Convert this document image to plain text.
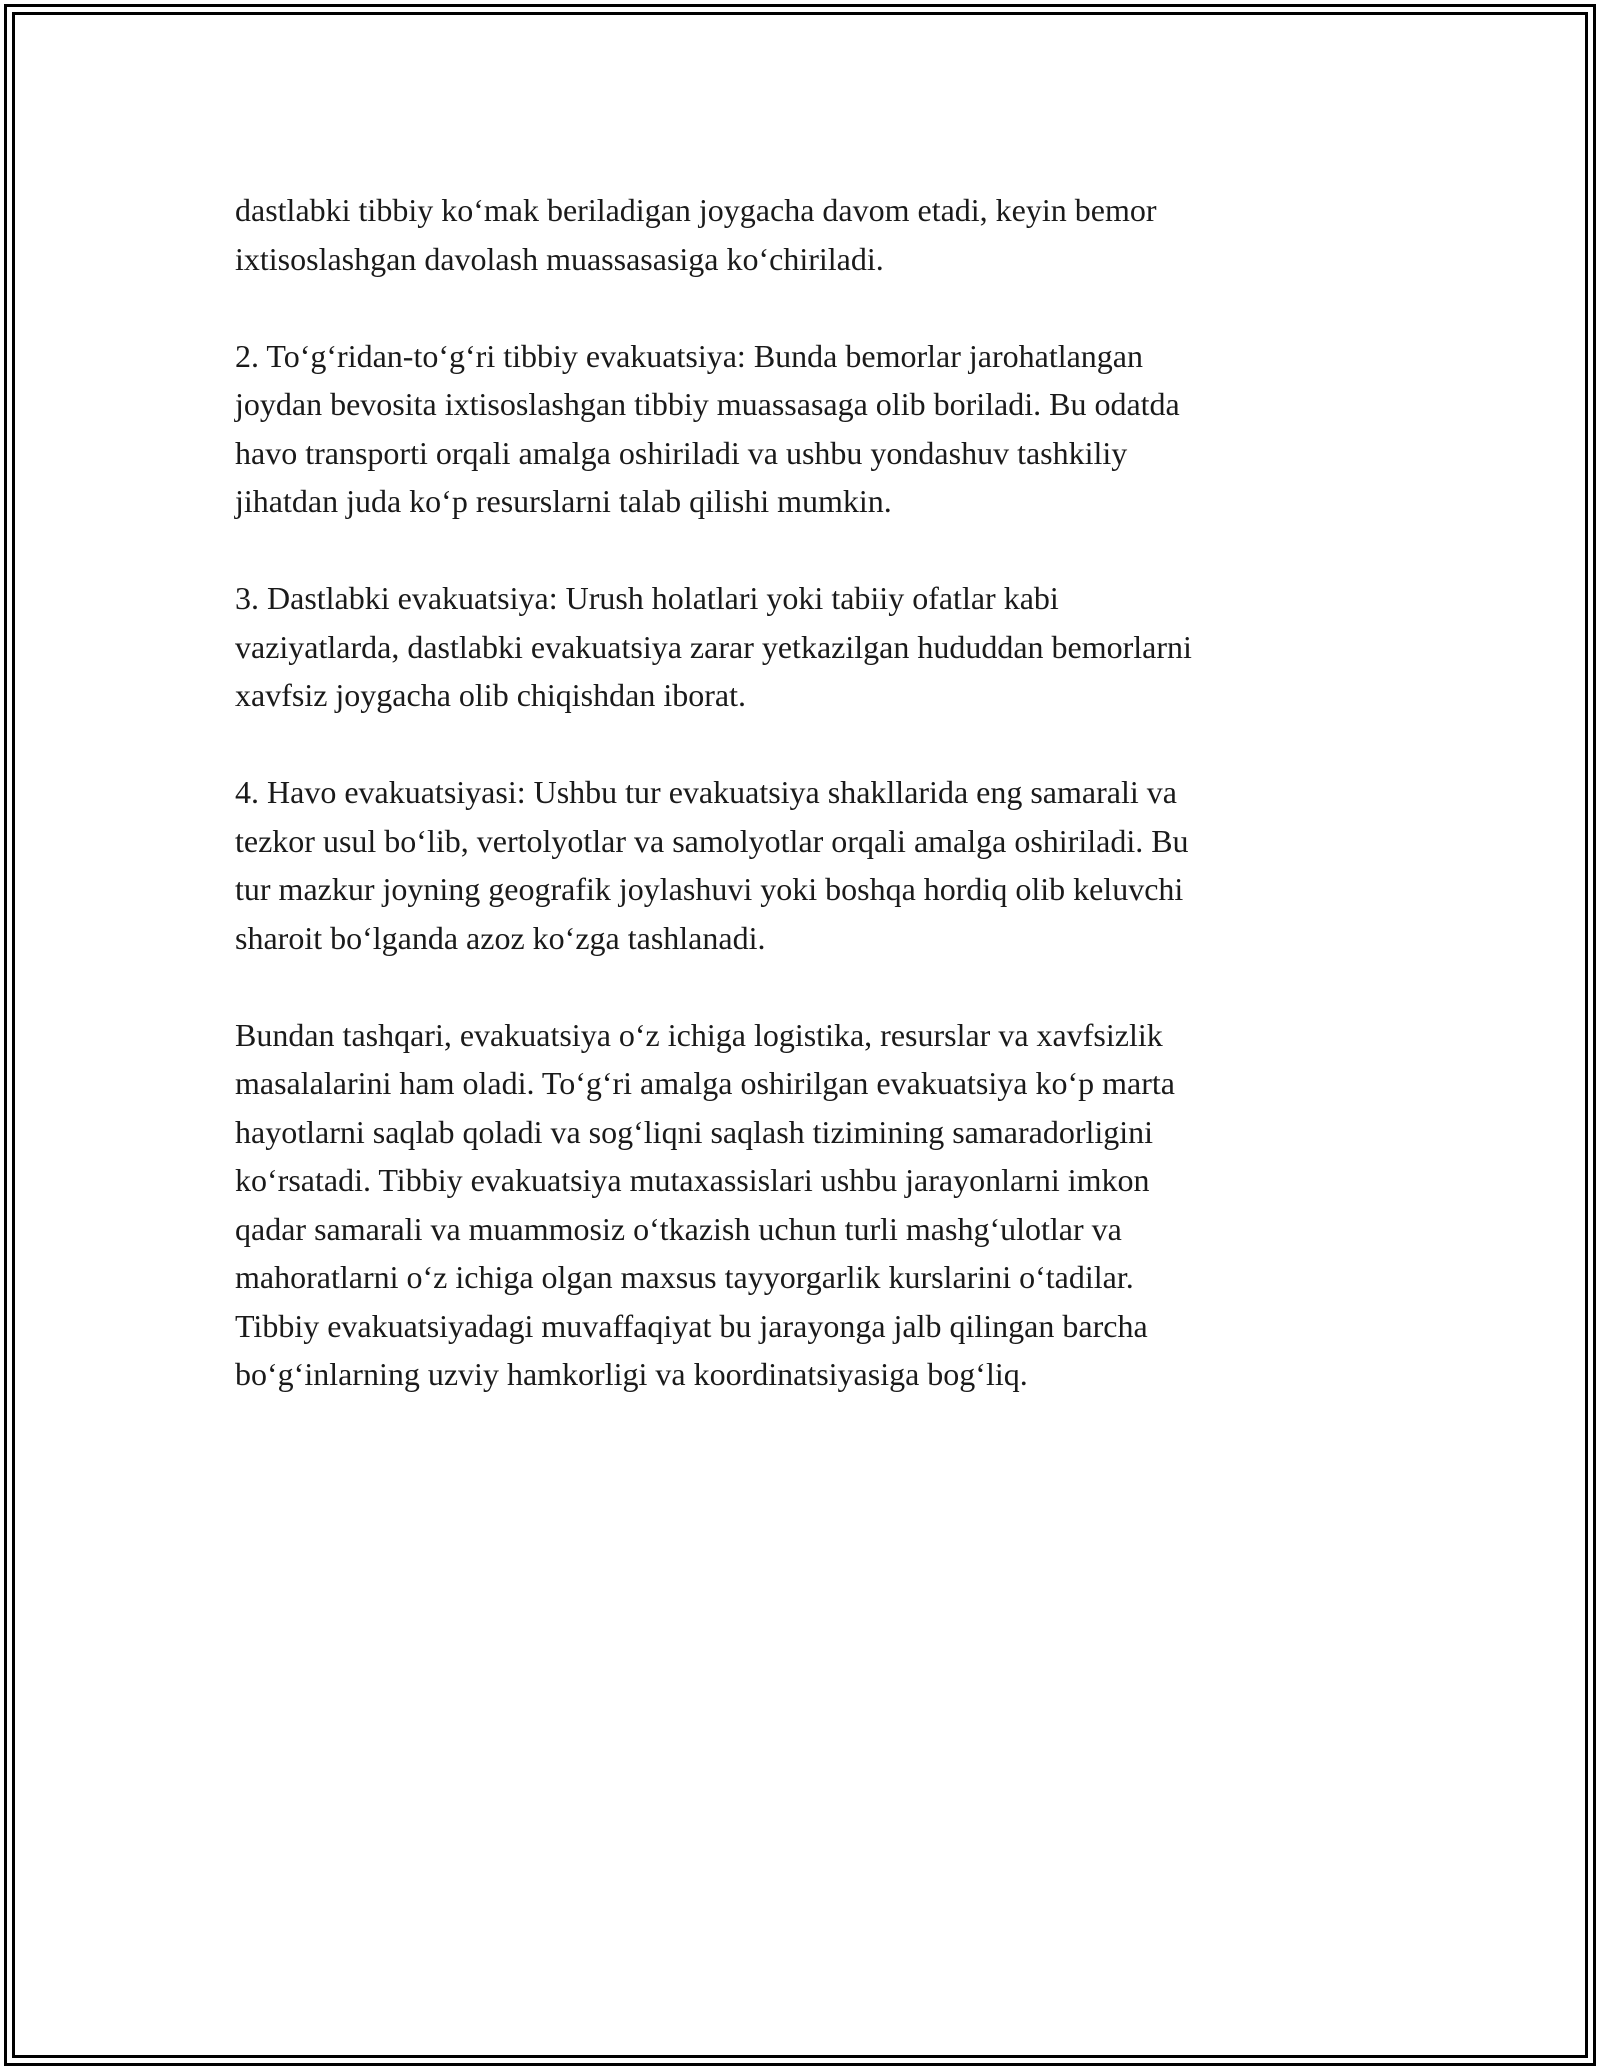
dastlabki tibbiy koʻmak beriladigan joygacha davom etadi, keyin bemor
ixtisoslashgan davolash muassasasiga koʻchiriladi.

2. Toʻgʻridan-toʻgʻri tibbiy evakuatsiya: Bunda bemorlar jarohatlangan
joydan bevosita ixtisoslashgan tibbiy muassasaga olib boriladi. Bu odatda
havo transporti orqali amalga oshiriladi va ushbu yondashuv tashkiliy
jihatdan juda koʻp resurslarni talab qilishi mumkin.

3. Dastlabki evakuatsiya: Urush holatlari yoki tabiiy ofatlar kabi
vaziyatlarda, dastlabki evakuatsiya zarar yetkazilgan hududdan bemorlarni
xavfsiz joygacha olib chiqishdan iborat.

4. Havo evakuatsiyasi: Ushbu tur evakuatsiya shakllarida eng samarali va
tezkor usul boʻlib, vertolyotlar va samolyotlar orqali amalga oshiriladi. Bu
tur mazkur joyning geografik joylashuvi yoki boshqa hordiq olib keluvchi
sharoit boʻlganda azoz koʻzga tashlanadi.

Bundan tashqari, evakuatsiya oʻz ichiga logistika, resurslar va xavfsizlik
masalalarini ham oladi. Toʻgʻri amalga oshirilgan evakuatsiya koʻp marta
hayotlarni saqlab qoladi va sogʻliqni saqlash tizimining samaradorligini
koʻrsatadi. Tibbiy evakuatsiya mutaxassislari ushbu jarayonlarni imkon
qadar samarali va muammosiz oʻtkazish uchun turli mashgʻulotlar va
mahoratlarni oʻz ichiga olgan maxsus tayyorgarlik kurslarini oʻtadilar.
Tibbiy evakuatsiyadagi muvaffaqiyat bu jarayonga jalb qilingan barcha
boʻgʻinlarning uzviy hamkorligi va koordinatsiyasiga bogʻliq.
